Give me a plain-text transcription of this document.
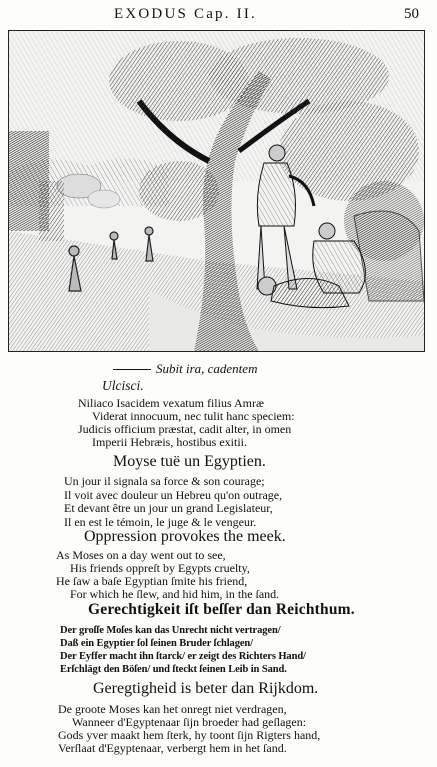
EXODUS Cap. II.	50
Subit ira, cadentem
Ulcisci.
Niliaco Isacidem vexatum filius Amræ
Viderat innocuum, nec tulit hanc speciem:
Judicis officium præstat, cadit alter, in omen
Imperii Hebræis, hostibus exitii.
Moyse tuë un Egyptien.
Un jour il signala sa force & son courage;
Il voit avec douleur un Hebreu qu'on outrage,
Et devant être un jour un grand Legislateur,
Il en est le témoin, le juge & le vengeur.
Oppression provokes the meek.
As Moses on a day went out to see,
His friends oppreſt by Egypts cruelty,
He ſaw a baſe Egyptian ſmite his friend,
For which he ſlew, and hid him, in the ſand.
Gerechtigkeit iſt beſſer dan Reichthum.
Der groſſe Moſes kan das Unrecht nicht vertragen/
Daß ein Egyptier ſol ſeinen Bruder ſchlagen/
Der Eyffer macht ihn ſtarck/ er zeigt des Richters Hand/
Erſchlägt den Böſen/ und ſteckt ſeinen Leib in Sand.
Geregtigheid is beter dan Rijkdom.
De groote Moses kan het onregt niet verdragen,
Wanneer d'Egyptenaar ſijn broeder had geſlagen:
Gods yver maakt hem ſterk, hy toont ſijn Rigters hand,
Verſlaat d'Egyptenaar, verbergt hem in het ſand.
